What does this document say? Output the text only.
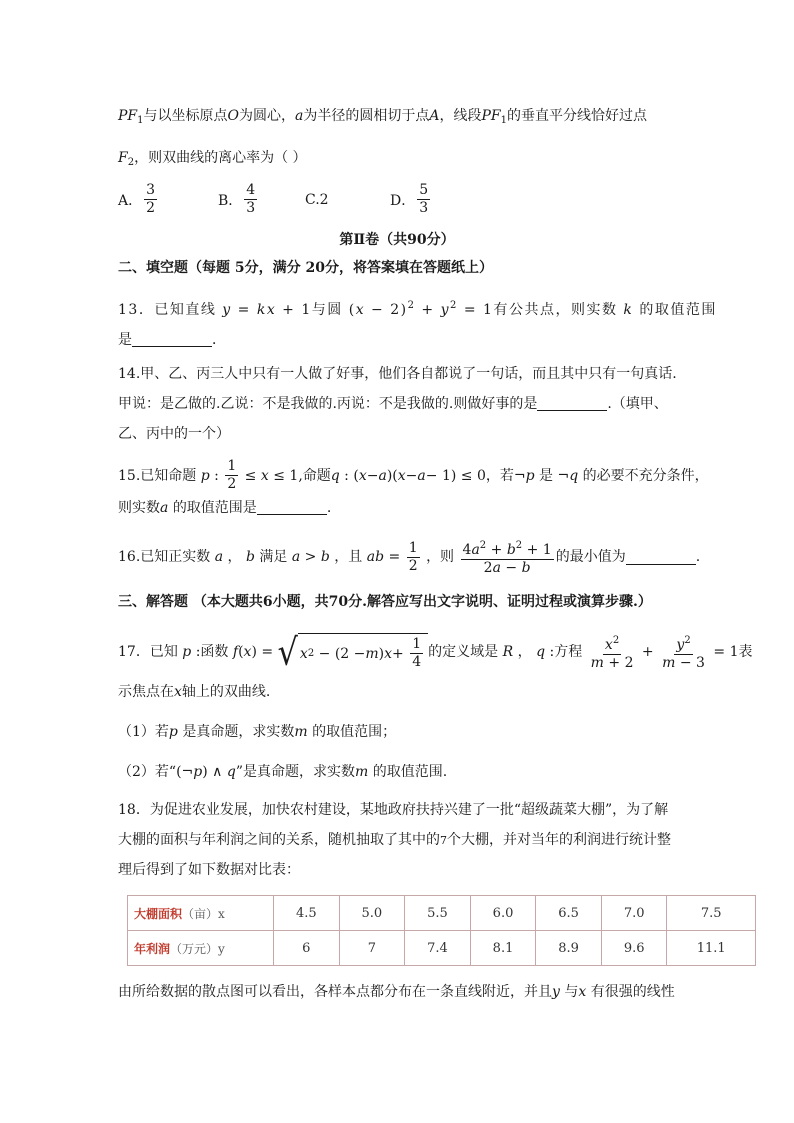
$PF_1$与以坐标原点O为圆心，a为半径的圆相切于点A，线段$PF_1$的垂直平分线恰好过点
$F_2$，则双曲线的离心率为（ ）
A． $\frac{3}{2}$	B． $\frac{4}{3}$	C.2	D． $\frac{5}{3}$
第Ⅱ卷（共90分）
二、填空题（每题 5分，满分 20分，将答案填在答题纸上）
13．已知直线 y = kx + 1与圆 $(x - 2)^2 + y^2 = 1$有公共点，则实数 k 的取值范围
是	．
14.甲、乙、丙三人中只有一人做了好事，他们各自都说了一句话，而且其中只有一句真话.
甲说：是乙做的.乙说：不是我做的.丙说：不是我做的.则做好事的是	.（填甲、
乙、丙中的一个）
15.已知命题
p : $\frac{1}{2} \le x \le 1$ ,命题 q : ( x − a )( x − a − 1) ≤ 0 ，若 ¬ p
是 ¬ q
的必要不充分条件，
则实数a 的取值范围是	.
16.已知正实数
a
，
b
满足
a > b
，且
ab = $\frac{1}{2}$
，则
$\frac{4a^2 + b^2 + 1}{2a - b}$ 的最小值为	.
三、解答题 （本大题共6小题，共70分.解答应写出文字说明、证明过程或演算步骤.）
17．已知
p : 函数
f ( x ) = √ x 2 − (2 − m ) $x + \frac{1}{4}$ 的定义域是
R
，
q : 方程
$\frac{x^2}{m + 2} + \frac{y^2}{m - 3} = 1$ 表
示焦点在x轴上的双曲线.
（1）若p 是真命题，求实数m 的取值范围；
（2）若“(¬p) ∧ q”是真命题，求实数m 的取值范围.
18．为促进农业发展，加快农村建设，某地政府扶持兴建了一批“超级蔬菜大棚”，为了解
大棚的面积与年利润之间的关系，随机抽取了其中的7个大棚，并对当年的利润进行统计整
理后得到了如下数据对比表：
大棚面积（亩）x	4.5	5.0	5.5	6.0	6.5	7.0	7.5
年利润（万元）y	6	7	7.4	8.1	8.9	9.6	11.1
由所给数据的散点图可以看出，各样本点都分布在一条直线附近，并且y 与x 有很强的线性
